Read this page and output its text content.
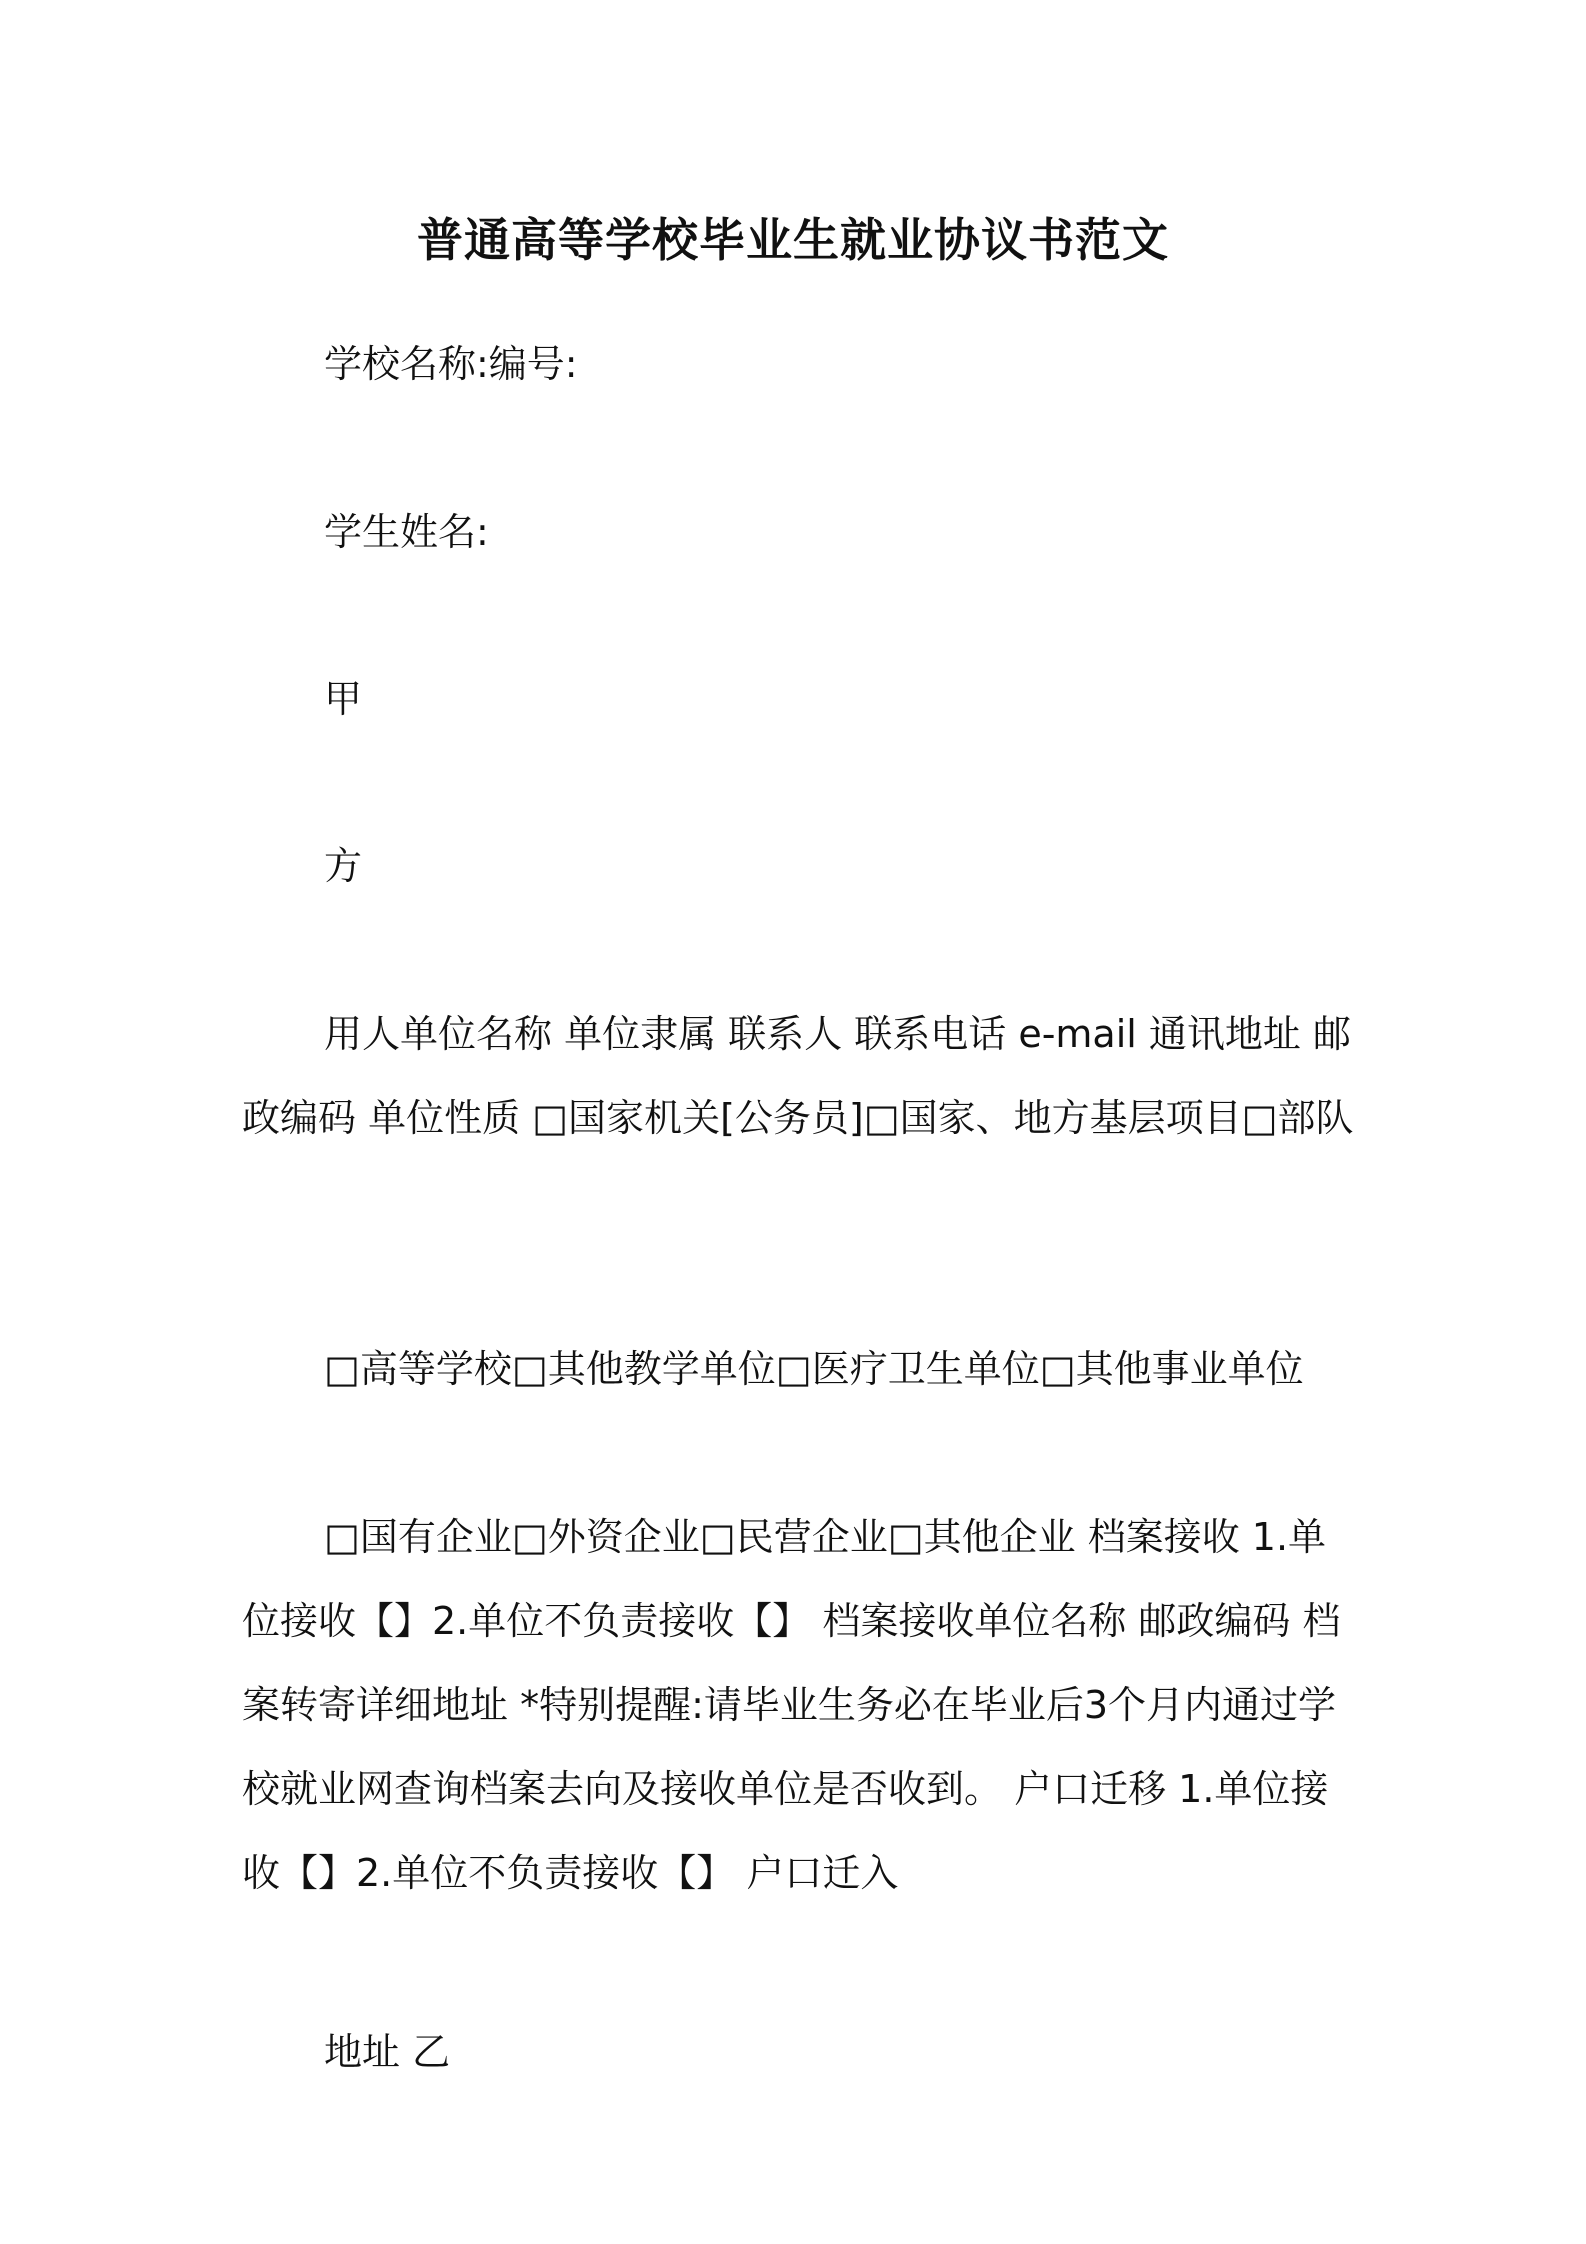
普通高等学校毕业生就业协议书范文

学校名称:编号:

学生姓名:

甲

方

用人单位名称 单位隶属 联系人 联系电话 e-mail 通讯地址 邮政编码 单位性质 □国家机关[公务员]□国家、地方基层项目□部队

□高等学校□其他教学单位□医疗卫生单位□其他事业单位

□国有企业□外资企业□民营企业□其他企业 档案接收 1.单位接收【】2.单位不负责接收【】 档案接收单位名称 邮政编码 档案转寄详细地址 *特别提醒:请毕业生务必在毕业后3个月内通过学校就业网查询档案去向及接收单位是否收到。 户口迁移 1.单位接收【】2.单位不负责接收【】 户口迁入

地址 乙
